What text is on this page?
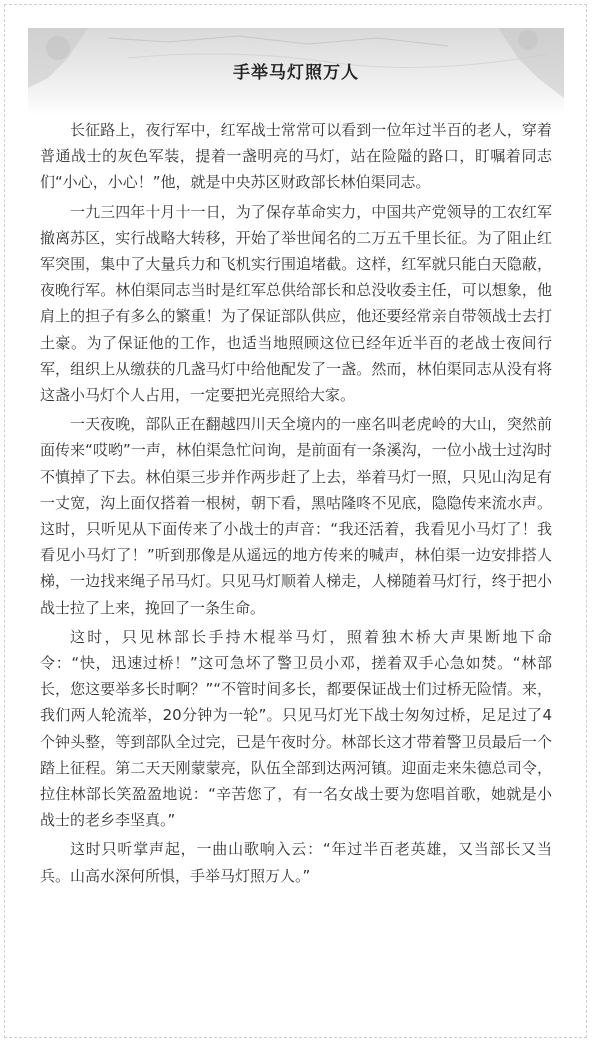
手举马灯照万人

长征路上，夜行军中，红军战士常常可以看到一位年过半百的老人，穿着普通战士的灰色军装，提着一盏明亮的马灯，站在险隘的路口，盯嘱着同志们“小心，小心！”他，就是中央苏区财政部长林伯渠同志。

一九三四年十月十一日，为了保存革命实力，中国共产党领导的工农红军撤离苏区，实行战略大转移，开始了举世闻名的二万五千里长征。为了阻止红军突围，集中了大量兵力和飞机实行围追堵截。这样，红军就只能白天隐蔽，夜晚行军。林伯渠同志当时是红军总供给部长和总没收委主任，可以想象，他肩上的担子有多么的繁重！为了保证部队供应，他还要经常亲自带领战士去打土豪。为了保证他的工作，也适当地照顾这位已经年近半百的老战士夜间行军，组织上从缴获的几盏马灯中给他配发了一盏。然而，林伯渠同志从没有将这盏小马灯个人占用，一定要把光亮照给大家。

一天夜晚，部队正在翻越四川天全境内的一座名叫老虎岭的大山，突然前面传来“哎哟”一声，林伯渠急忙问询，是前面有一条溪沟，一位小战士过沟时不慎掉了下去。林伯渠三步并作两步赶了上去，举着马灯一照，只见山沟足有一丈宽，沟上面仅搭着一根树，朝下看，黑咕隆咚不见底，隐隐传来流水声。这时，只听见从下面传来了小战士的声音：“我还活着，我看见小马灯了！我看见小马灯了！”听到那像是从遥远的地方传来的喊声，林伯渠一边安排搭人梯，一边找来绳子吊马灯。只见马灯顺着人梯走，人梯随着马灯行，终于把小战士拉了上来，挽回了一条生命。

这时，只见林部长手持木棍举马灯，照着独木桥大声果断地下命令：“快，迅速过桥！”这可急坏了警卫员小邓，搓着双手心急如焚。“林部长，您这要举多长时啊？”“不管时间多长，都要保证战士们过桥无险情。来，我们两人轮流举，20分钟为一轮”。只见马灯光下战士匆匆过桥，足足过了4个钟头整，等到部队全过完，已是午夜时分。林部长这才带着警卫员最后一个踏上征程。第二天天刚蒙蒙亮，队伍全部到达两河镇。迎面走来朱德总司令，拉住林部长笑盈盈地说：“辛苦您了，有一名女战士要为您唱首歌，她就是小战士的老乡李坚真。”

这时只听掌声起，一曲山歌响入云：“年过半百老英雄，又当部长又当兵。山高水深何所惧，手举马灯照万人。”
